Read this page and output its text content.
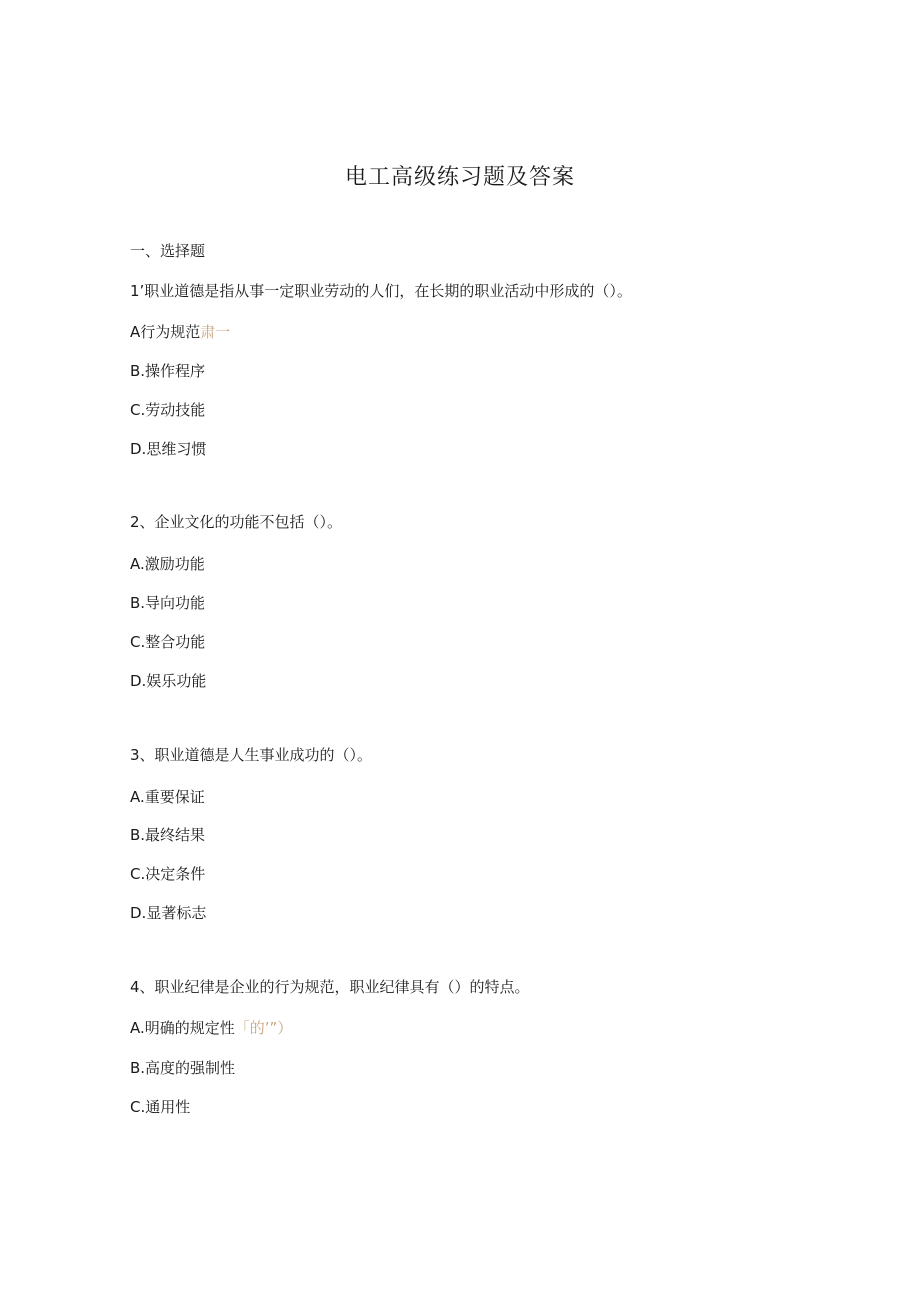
电工高级练习题及答案
一、选择题
1’职业道德是指从事一定职业劳动的人们，在长期的职业活动中形成的（）。
A行为规范肃一
B.操作程序
C.劳动技能
D.思维习惯
2、企业文化的功能不包括（）。
A.激励功能
B.导向功能
C.整合功能
D.娱乐功能
3、职业道德是人生事业成功的（）。
A.重要保证
B.最终结果
C.决定条件
D.显著标志
4、职业纪律是企业的行为规范，职业纪律具有（）的特点。
A.明确的规定性「的’”）
B.高度的强制性
C.通用性
